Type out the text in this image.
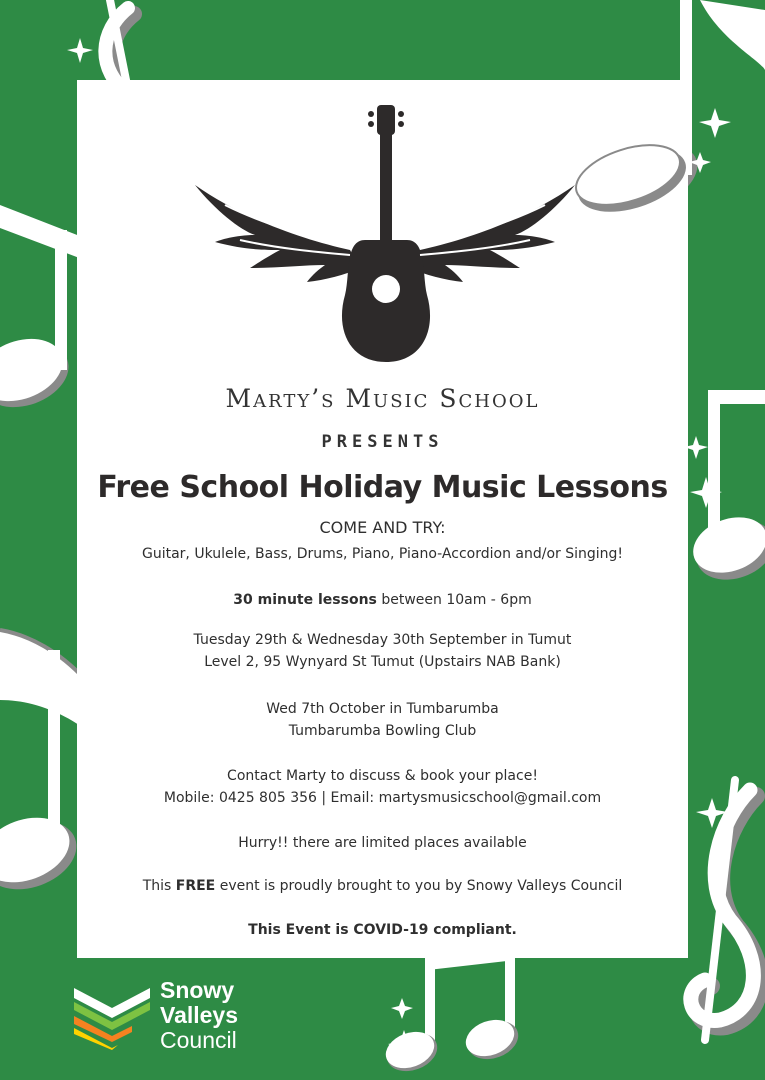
Marty’s Music School
PRESENTS
Free School Holiday Music Lessons
COME AND TRY:
Guitar, Ukulele, Bass, Drums, Piano, Piano-Accordion and/or Singing!
30 minute lessons between 10am - 6pm
Tuesday 29th & Wednesday 30th September in Tumut
Level 2, 95 Wynyard St Tumut (Upstairs NAB Bank)
Wed 7th October in Tumbarumba
Tumbarumba Bowling Club
Contact Marty to discuss & book your place!
Mobile: 0425 805 356 | Email: martysmusicschool@gmail.com
Hurry!! there are limited places available
This FREE event is proudly brought to you by Snowy Valleys Council
This Event is COVID-19 compliant.
Snowy
Valleys
Council
